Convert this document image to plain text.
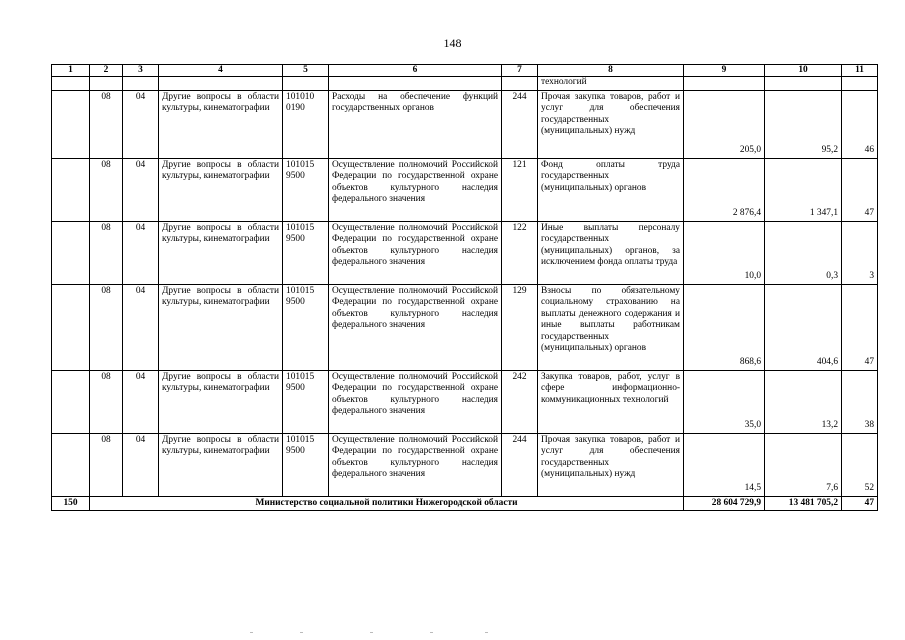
148
1	2	3	4	5	6	7	8	9	10	11
							технологий			
	08	04	Другие вопросы в области культуры, кинематографии	101010 0190	Расходы на обеспечение функций государственных органов	244	Прочая закупка товаров, работ и услуг для обеспечения государственных (муниципальных) нужд	205,0	95,2	46
	08	04	Другие вопросы в области культуры, кинематографии	101015 9500	Осуществление полномочий Российской Федерации по государственной охране объектов культурного наследия федерального значения	121	Фонд оплаты труда государственных (муниципальных) органов	2 876,4	1 347,1	47
	08	04	Другие вопросы в области культуры, кинематографии	101015 9500	Осуществление полномочий Российской Федерации по государственной охране объектов культурного наследия федерального значения	122	Иные выплаты персоналу государственных (муниципальных) органов, за исключением фонда оплаты труда	10,0	0,3	3
	08	04	Другие вопросы в области культуры, кинематографии	101015 9500	Осуществление полномочий Российской Федерации по государственной охране объектов культурного наследия федерального значения	129	Взносы по обязательному социальному страхованию на выплаты денежного содержания и иные выплаты работникам государственных (муниципальных) органов	868,6	404,6	47
	08	04	Другие вопросы в области культуры, кинематографии	101015 9500	Осуществление полномочий Российской Федерации по государственной охране объектов культурного наследия федерального значения	242	Закупка товаров, работ, услуг в сфере информационно-коммуникационных технологий	35,0	13,2	38
	08	04	Другие вопросы в области культуры, кинематографии	101015 9500	Осуществление полномочий Российской Федерации по государственной охране объектов культурного наследия федерального значения	244	Прочая закупка товаров, работ и услуг для обеспечения государственных (муниципальных) нужд	14,5	7,6	52
150	Министерство социальной политики Нижегородской области							28 604 729,9	13 481 705,2	47
